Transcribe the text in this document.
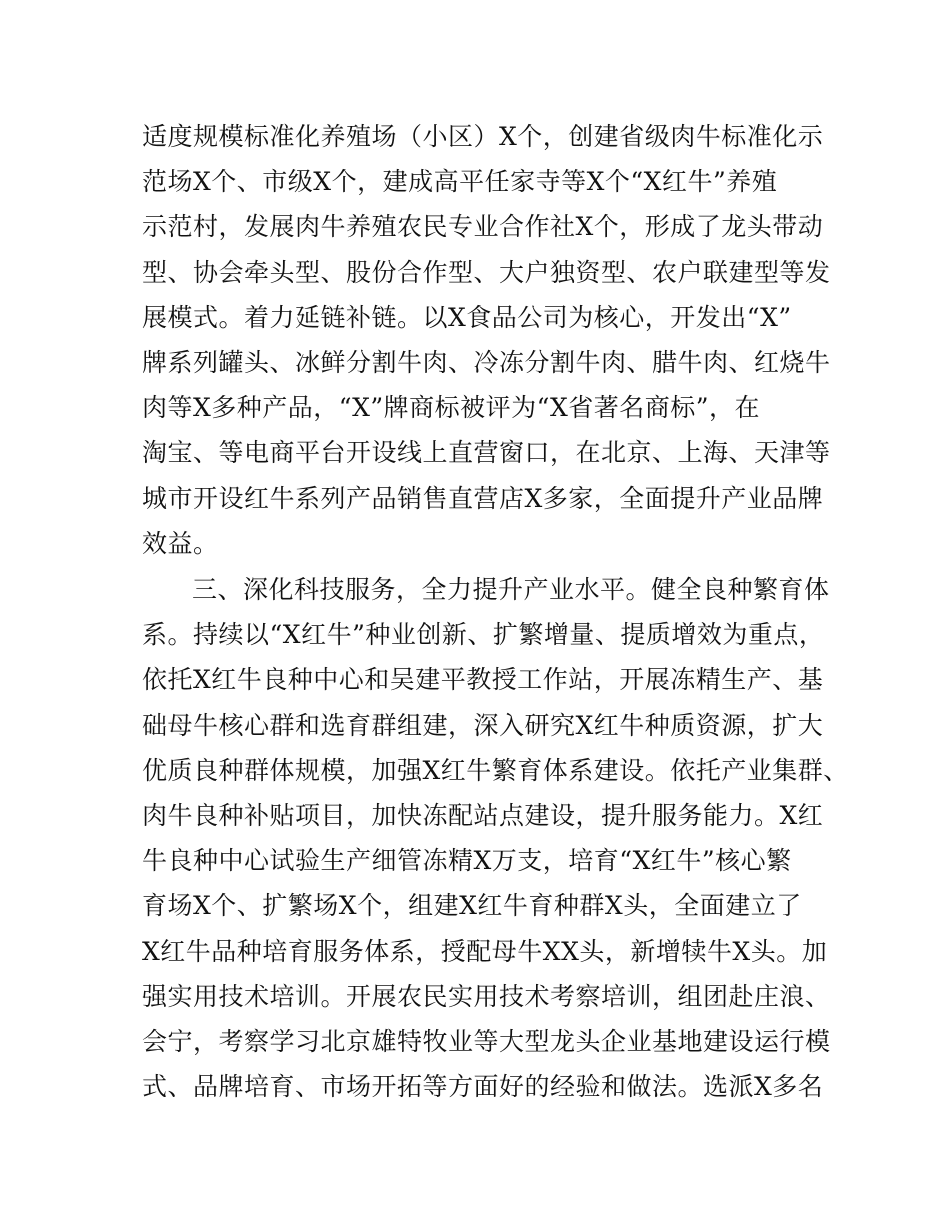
适度规模标准化养殖场（小区）X个，创建省级肉牛标准化示
范场X个、市级X个，建成高平任家寺等X个“X红牛”养殖
示范村，发展肉牛养殖农民专业合作社X个，形成了龙头带动
型、协会牵头型、股份合作型、大户独资型、农户联建型等发
展模式。着力延链补链。以X食品公司为核心，开发出“X”
牌系列罐头、冰鲜分割牛肉、冷冻分割牛肉、腊牛肉、红烧牛
肉等X多种产品，“X”牌商标被评为“X省著名商标”，在
淘宝、等电商平台开设线上直营窗口，在北京、上海、天津等
城市开设红牛系列产品销售直营店X多家，全面提升产业品牌
效益。
三、深化科技服务，全力提升产业水平。健全良种繁育体
系。持续以“X红牛”种业创新、扩繁增量、提质增效为重点，
依托X红牛良种中心和吴建平教授工作站，开展冻精生产、基
础母牛核心群和选育群组建，深入研究X红牛种质资源，扩大
优质良种群体规模，加强X红牛繁育体系建设。依托产业集群、
肉牛良种补贴项目，加快冻配站点建设，提升服务能力。X红
牛良种中心试验生产细管冻精X万支，培育“X红牛”核心繁
育场X个、扩繁场X个，组建X红牛育种群X头，全面建立了
X红牛品种培育服务体系，授配母牛XX头，新增犊牛X头。加
强实用技术培训。开展农民实用技术考察培训，组团赴庄浪、
会宁，考察学习北京雄特牧业等大型龙头企业基地建设运行模
式、品牌培育、市场开拓等方面好的经验和做法。选派X多名
